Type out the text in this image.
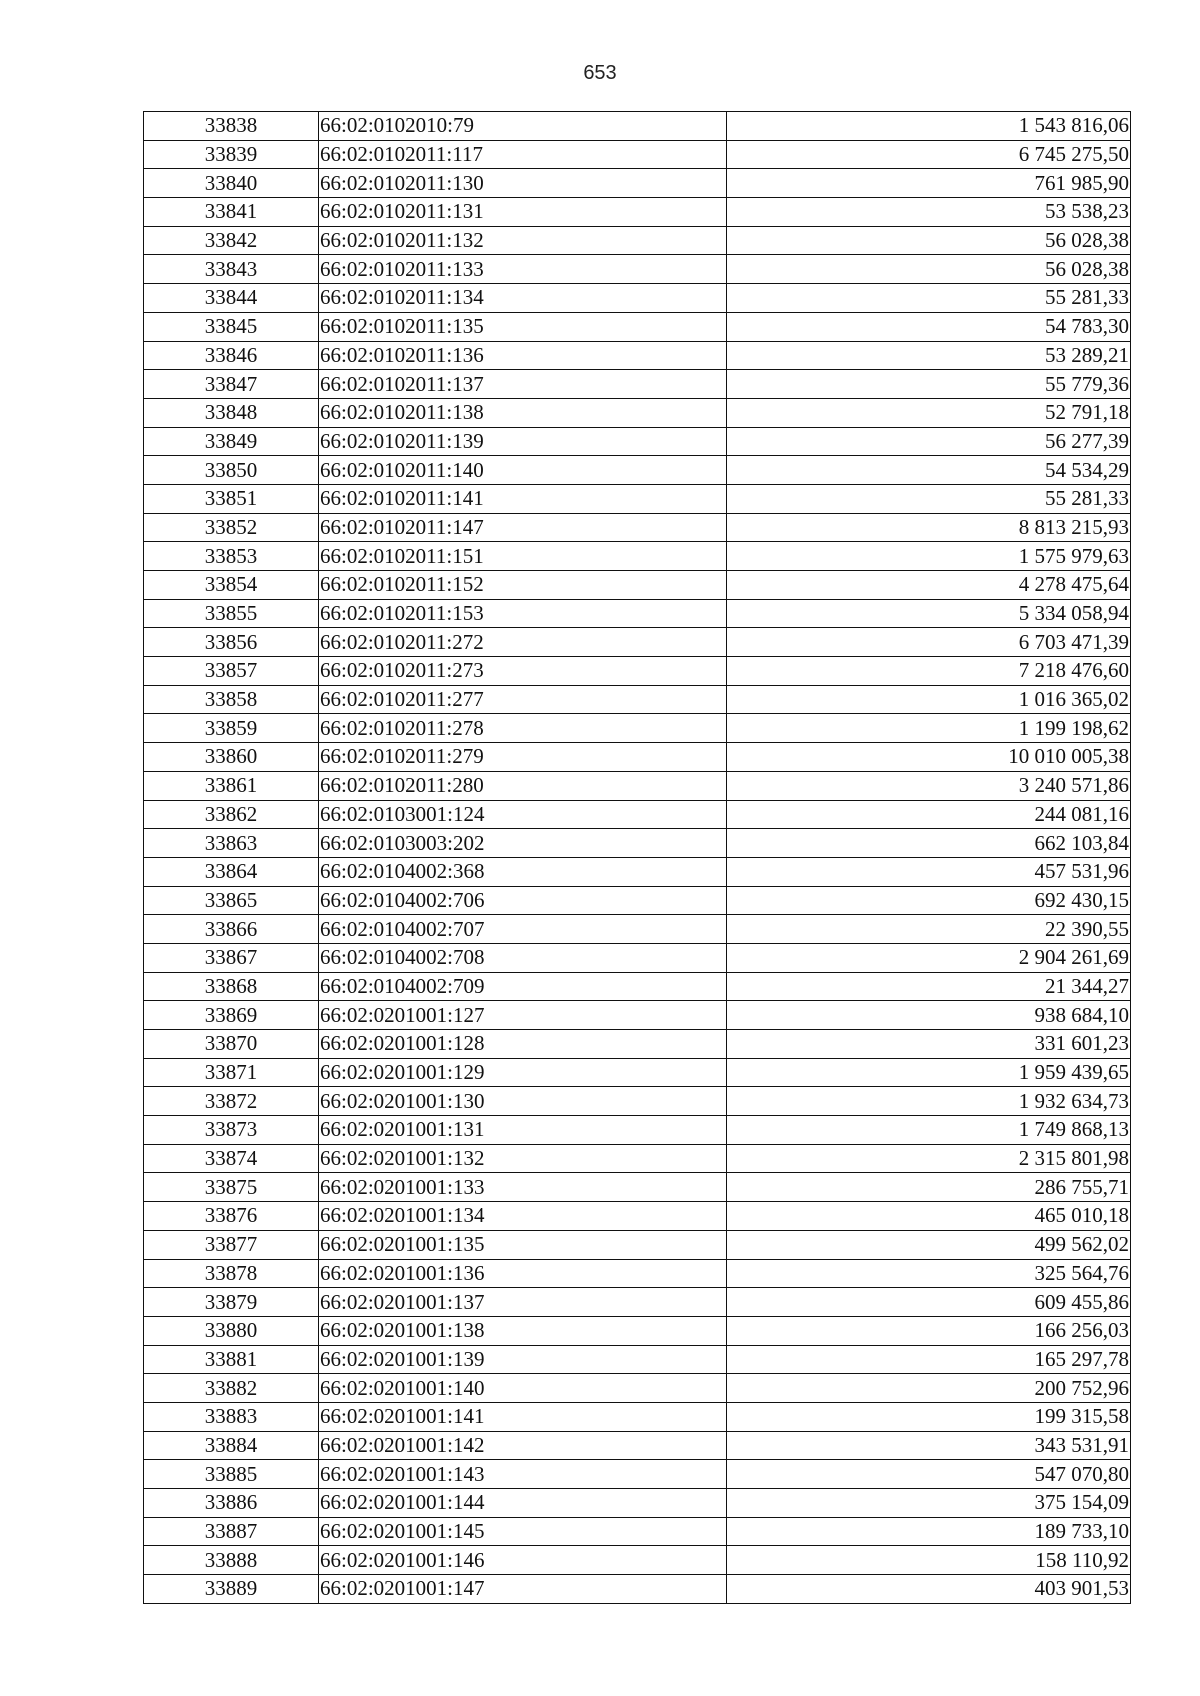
653
33838	66:02:0102010:79	1 543 816,06
33839	66:02:0102011:117	6 745 275,50
33840	66:02:0102011:130	761 985,90
33841	66:02:0102011:131	53 538,23
33842	66:02:0102011:132	56 028,38
33843	66:02:0102011:133	56 028,38
33844	66:02:0102011:134	55 281,33
33845	66:02:0102011:135	54 783,30
33846	66:02:0102011:136	53 289,21
33847	66:02:0102011:137	55 779,36
33848	66:02:0102011:138	52 791,18
33849	66:02:0102011:139	56 277,39
33850	66:02:0102011:140	54 534,29
33851	66:02:0102011:141	55 281,33
33852	66:02:0102011:147	8 813 215,93
33853	66:02:0102011:151	1 575 979,63
33854	66:02:0102011:152	4 278 475,64
33855	66:02:0102011:153	5 334 058,94
33856	66:02:0102011:272	6 703 471,39
33857	66:02:0102011:273	7 218 476,60
33858	66:02:0102011:277	1 016 365,02
33859	66:02:0102011:278	1 199 198,62
33860	66:02:0102011:279	10 010 005,38
33861	66:02:0102011:280	3 240 571,86
33862	66:02:0103001:124	244 081,16
33863	66:02:0103003:202	662 103,84
33864	66:02:0104002:368	457 531,96
33865	66:02:0104002:706	692 430,15
33866	66:02:0104002:707	22 390,55
33867	66:02:0104002:708	2 904 261,69
33868	66:02:0104002:709	21 344,27
33869	66:02:0201001:127	938 684,10
33870	66:02:0201001:128	331 601,23
33871	66:02:0201001:129	1 959 439,65
33872	66:02:0201001:130	1 932 634,73
33873	66:02:0201001:131	1 749 868,13
33874	66:02:0201001:132	2 315 801,98
33875	66:02:0201001:133	286 755,71
33876	66:02:0201001:134	465 010,18
33877	66:02:0201001:135	499 562,02
33878	66:02:0201001:136	325 564,76
33879	66:02:0201001:137	609 455,86
33880	66:02:0201001:138	166 256,03
33881	66:02:0201001:139	165 297,78
33882	66:02:0201001:140	200 752,96
33883	66:02:0201001:141	199 315,58
33884	66:02:0201001:142	343 531,91
33885	66:02:0201001:143	547 070,80
33886	66:02:0201001:144	375 154,09
33887	66:02:0201001:145	189 733,10
33888	66:02:0201001:146	158 110,92
33889	66:02:0201001:147	403 901,53
